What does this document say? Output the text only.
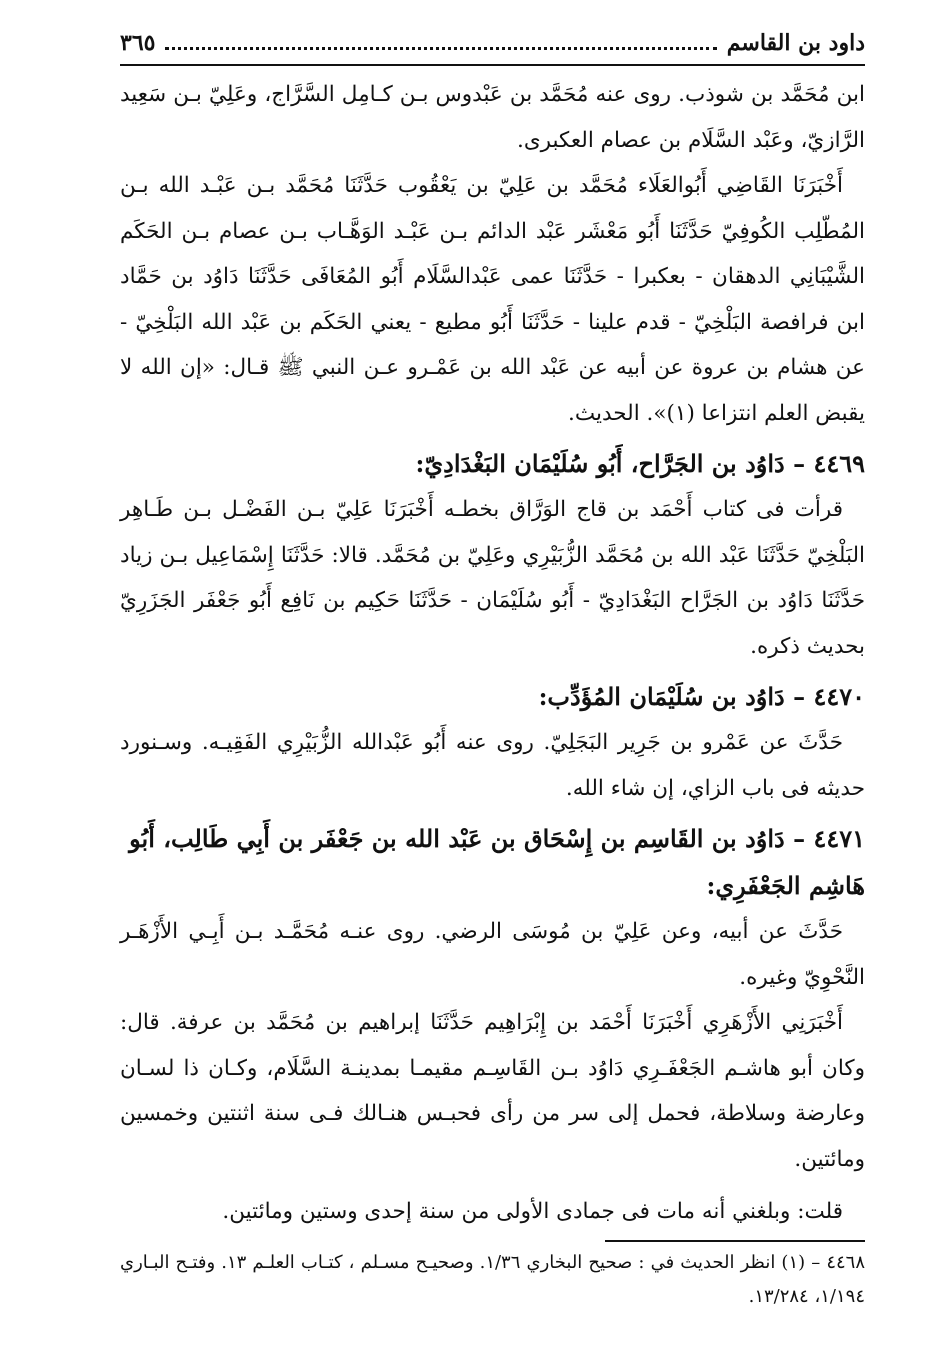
داود بن القاسم
٣٦٥

ابن مُحَمَّد بن شوذب. روى عنه مُحَمَّد بن عَبْدوس بـن كـامِل السَّرَّاج، وعَلِيّ بـن سَعِيد الرَّازيّ، وعَبْد السَّلَام بن عصام العكبرى.

أَخْبَرَنَا القَاضِي أَبُوالعَلَاء مُحَمَّد بن عَلِيّ بن يَعْقُوب حَدَّثَنَا مُحَمَّد بـن عَبْـد الله بـن المُطّلِب الكُوفِيّ حَدَّثَنَا أَبُو مَعْشَر عَبْد الدائم بـن عَبْـد الوَهَّـاب بـن عصام بـن الحَكَم الشَّيْبَانِي الدهقان - بعكبرا - حَدَّثَنَا عمى عَبْدالسَّلَام أَبُو المُعَافَى حَدَّثَنَا دَاوُد بن حَمَّاد ابن فرافصة البَلْخِيّ - قدم علينا - حَدَّثَنَا أَبُو مطيع - يعني الحَكَم بن عَبْد الله البَلْخِيّ - عن هشام بن عروة عن أبيه عن عَبْد الله بن عَمْـرو عـن النبي ﷺ قـال: «إن الله لا يقبض العلم انتزاعا (١)». الحديث.

٤٤٦٩ – دَاوُد بن الجَرَّاح، أَبُو سُلَيْمَان البَغْدَادِيّ:

قرأت فى كتاب أَحْمَد بن قاج الوَرَّاق بخطـه أَخْبَرَنَا عَلِيّ بـن الفَضْـل بـن طَـاهِر البَلْخِيّ حَدَّثَنَا عَبْد الله بن مُحَمَّد الزُّبَيْرِي وعَلِيّ بن مُحَمَّد. قالا: حَدَّثَنَا إِسْمَاعِيل بـن زياد حَدَّثَنَا دَاوُد بن الجَرَّاح البَغْدَادِيّ - أَبُو سُلَيْمَان - حَدَّثَنَا حَكِيم بن نَافِع أَبُو جَعْفَر الجَزَرِيّ بحديث ذكره.

٤٤٧٠ – دَاوُد بن سُلَيْمَان المُؤَدِّب:

حَدَّثَ عن عَمْرو بن جَرِير البَجَلِيّ. روى عنه أَبُو عَبْدالله الزُّبَيْرِي الفَقِيـه. وسـنورد حديثه فى باب الزاي، إن شاء الله.

٤٤٧١ – دَاوُد بن القَاسِم بن إِسْحَاق بن عَبْد الله بن جَعْفَر بن أَبِي طَالِب، أَبُو هَاشِم الجَعْفَرِي:

حَدَّثَ عن أبيه، وعن عَلِيّ بن مُوسَى الرضي. روى عنـه مُحَمَّـد بـن أَبِـي الأَزْهَـر النَّحْوِيّ وغيره.

أَخْبَرَنِي الأَزْهَرِي أَخْبَرَنَا أَحْمَد بن إِبْرَاهِيم حَدَّثَنَا إبراهيم بن مُحَمَّد بن عرفة. قال: وكان أبو هاشـم الجَعْفَـرِي دَاوُد بـن القَاسِـم مقيمـا بمدينـة السَّلَام، وكـان ذا لسـان وعارضة وسلاطة، فحمل إلى سر من رأى فحبـس هنـالك فـى سنة اثنتين وخمسين ومائتين.

قلت: وبلغني أنه مات فى جمادى الأولى من سنة إحدى وستين ومائتين.

٤٤٦٨ – (١) انظر الحديث في : صحيح البخاري ١/٣٦. وصحيـح مسـلم ، كتـاب العلـم ١٣. وفتـح البـاري ١/١٩٤، ١٣/٢٨٤.
